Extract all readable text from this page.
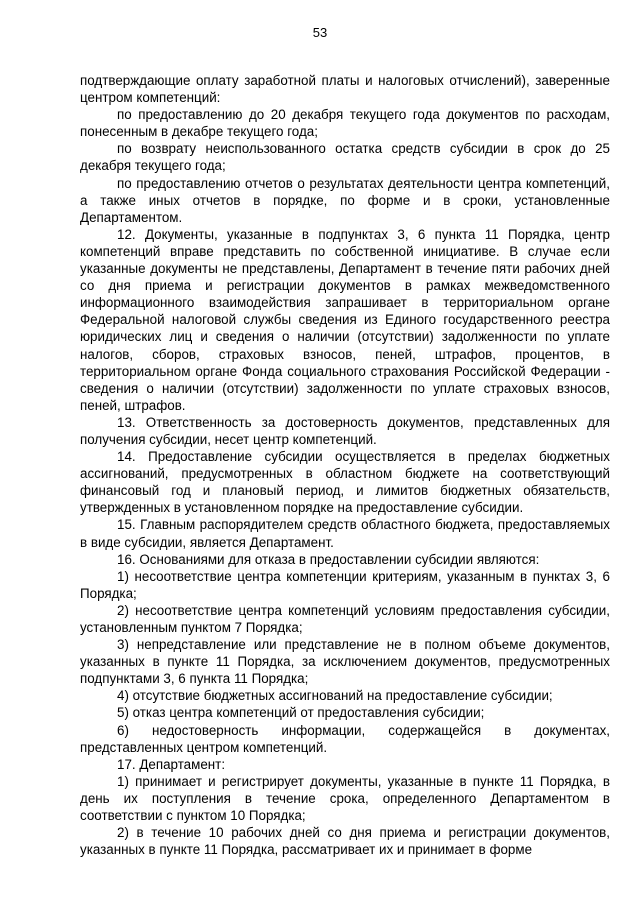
53

подтверждающие оплату заработной платы и налоговых отчислений), заверенные центром компетенций:

по предоставлению до 20 декабря текущего года документов по расходам, понесенным в декабре текущего года;

по возврату неиспользованного остатка средств субсидии в срок до 25 декабря текущего года;

по предоставлению отчетов о результатах деятельности центра компетенций, а также иных отчетов в порядке, по форме и в сроки, установленные Департаментом.

12. Документы, указанные в подпунктах 3, 6 пункта 11 Порядка, центр компетенций вправе представить по собственной инициативе. В случае если указанные документы не представлены, Департамент в течение пяти рабочих дней со дня приема и регистрации документов в рамках межведомственного информационного взаимодействия запрашивает в территориальном органе Федеральной налоговой службы сведения из Единого государственного реестра юридических лиц и сведения о наличии (отсутствии) задолженности по уплате налогов, сборов, страховых взносов, пеней, штрафов, процентов, в территориальном органе Фонда социального страхования Российской Федерации - сведения о наличии (отсутствии) задолженности по уплате страховых взносов, пеней, штрафов.

13. Ответственность за достоверность документов, представленных для получения субсидии, несет центр компетенций.

14. Предоставление субсидии осуществляется в пределах бюджетных ассигнований, предусмотренных в областном бюджете на соответствующий финансовый год и плановый период, и лимитов бюджетных обязательств, утвержденных в установленном порядке на предоставление субсидии.

15. Главным распорядителем средств областного бюджета, предоставляемых в виде субсидии, является Департамент.

16. Основаниями для отказа в предоставлении субсидии являются:

1) несоответствие центра компетенции критериям, указанным в пунктах 3, 6 Порядка;

2) несоответствие центра компетенций условиям предоставления субсидии, установленным пунктом 7 Порядка;

3) непредставление или представление не в полном объеме документов, указанных в пункте 11 Порядка, за исключением документов, предусмотренных подпунктами 3, 6 пункта 11 Порядка;

4) отсутствие бюджетных ассигнований на предоставление субсидии;

5) отказ центра компетенций от предоставления субсидии;

6) недостоверность информации, содержащейся в документах, представленных центром компетенций.

17. Департамент:

1) принимает и регистрирует документы, указанные в пункте 11 Порядка, в день их поступления в течение срока, определенного Департаментом в соответствии с пунктом 10 Порядка;

2) в течение 10 рабочих дней со дня приема и регистрации документов, указанных в пункте 11 Порядка, рассматривает их и принимает в форме
